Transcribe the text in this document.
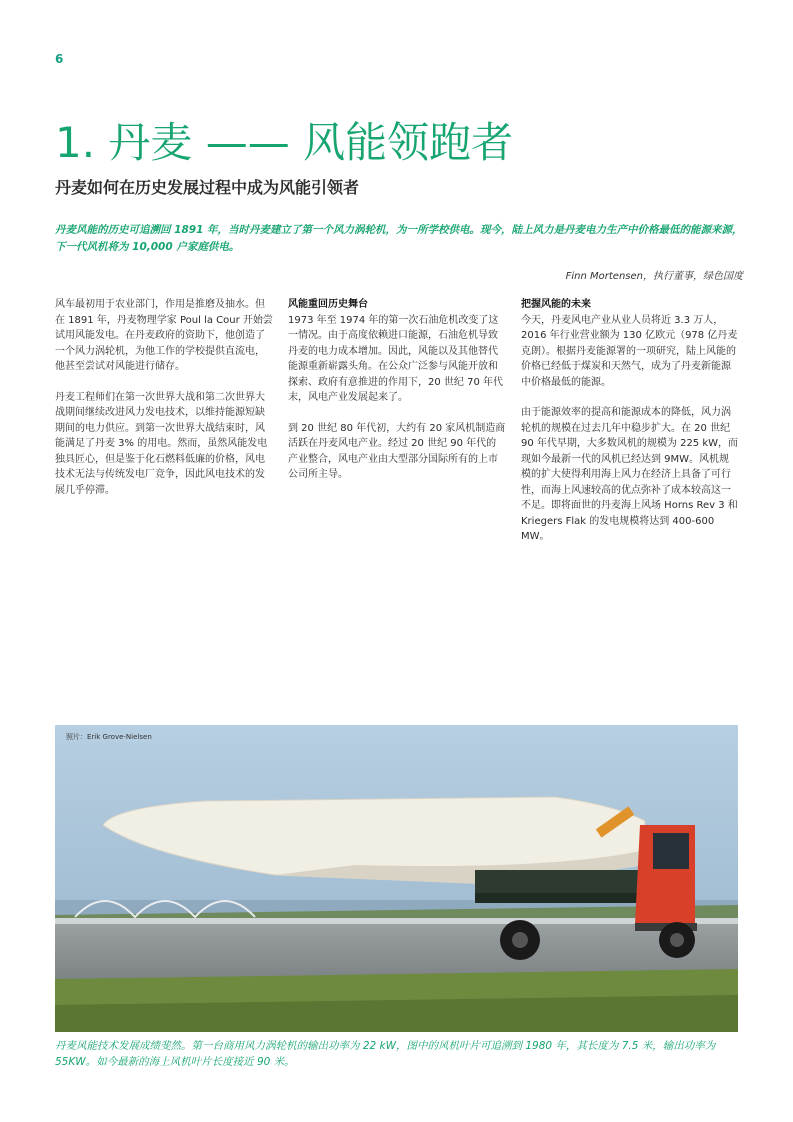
6
1. 丹麦 —— 风能领跑者
丹麦如何在历史发展过程中成为风能引领者
丹麦风能的历史可追溯回 1891 年，当时丹麦建立了第一个风力涡轮机，为一所学校供电。现今，陆上风力是丹麦电力生产中价格最低的能源来源，下一代风机将为 10,000 户家庭供电。
Finn Mortensen，执行董事，绿色国度

风车最初用于农业部门，作用是推磨及抽水。但在 1891 年，丹麦物理学家 Poul la Cour 开始尝试用风能发电。在丹麦政府的资助下，他创造了一个风力涡轮机，为他工作的学校提供直流电，他甚至尝试对风能进行储存。

丹麦工程师们在第一次世界大战和第二次世界大战期间继续改进风力发电技术，以维持能源短缺期间的电力供应。到第一次世界大战结束时，风能满足了丹麦 3% 的用电。然而，虽然风能发电独具匠心，但是鉴于化石燃料低廉的价格，风电技术无法与传统发电厂竞争，因此风电技术的发展几乎停滞。

风能重回历史舞台

1973 年至 1974 年的第一次石油危机改变了这一情况。由于高度依赖进口能源，石油危机导致丹麦的电力成本增加。因此，风能以及其他替代能源重新崭露头角。在公众广泛参与风能开放和探索、政府有意推进的作用下，20 世纪 70 年代末，风电产业发展起来了。

到 20 世纪 80 年代初，大约有 20 家风机制造商活跃在丹麦风电产业。经过 20 世纪 90 年代的产业整合，风电产业由大型部分国际所有的上市公司所主导。

把握风能的未来

今天，丹麦风电产业从业人员将近 3.3 万人，2016 年行业营业额为 130 亿欧元（978 亿丹麦克朗）。根据丹麦能源署的一项研究，陆上风能的价格已经低于煤炭和天然气，成为了丹麦新能源中价格最低的能源。

由于能源效率的提高和能源成本的降低，风力涡轮机的规模在过去几年中稳步扩大。在 20 世纪 90 年代早期，大多数风机的规模为 225 kW，而现如今最新一代的风机已经达到 9MW。风机规模的扩大使得利用海上风力在经济上具备了可行性，而海上风速较高的优点弥补了成本较高这一不足。即将面世的丹麦海上风场 Horns Rev 3 和 Kriegers Flak 的发电规模将达到 400-600 MW。

照片：Erik Grove-Nielsen
丹麦风能技术发展成绩斐然。第一台商用风力涡轮机的输出功率为 22 kW，图中的风机叶片可追溯到 1980 年，其长度为 7.5 米，输出功率为 55KW。如今最新的海上风机叶片长度接近 90 米。
